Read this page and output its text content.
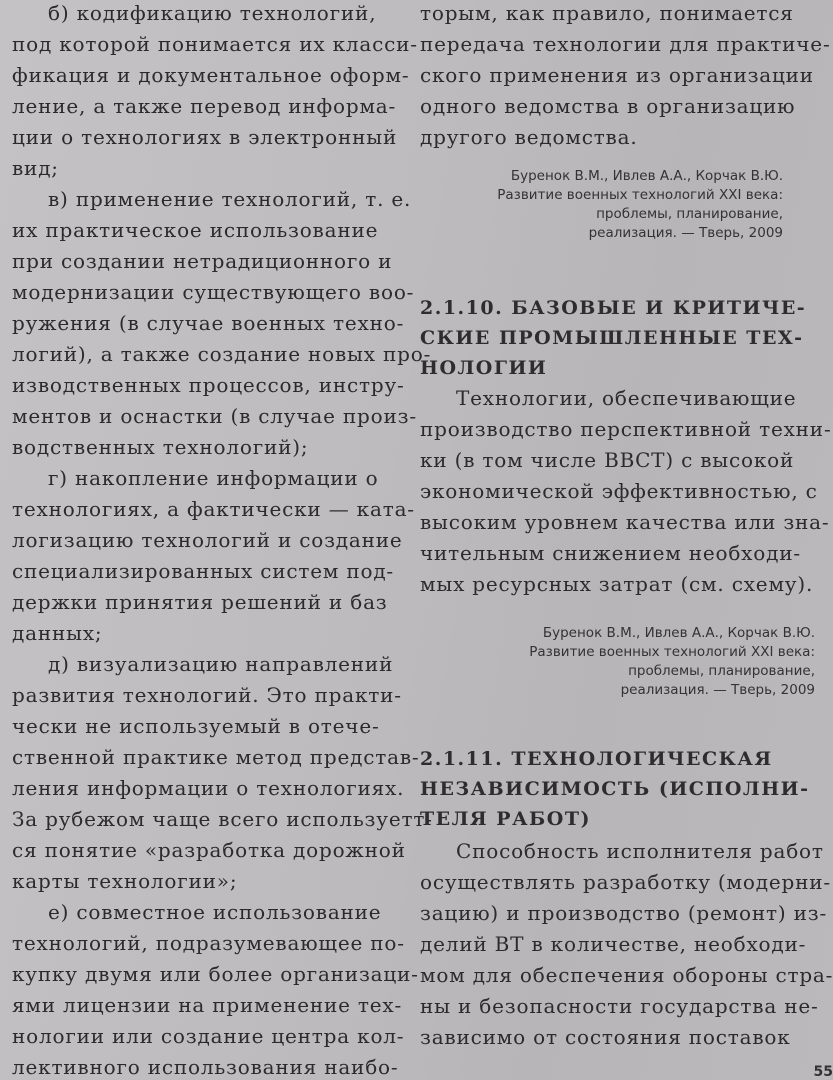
б) кодификацию технологий,
под которой понимается их класси-
фикация и документальное оформ-
ление, а также перевод информа-
ции о технологиях в электронный
вид;
в) применение технологий, т. е.
их практическое использование
при создании нетрадиционного и
модернизации существующего воо-
ружения (в случае военных техно-
логий), а также создание новых про-
изводственных процессов, инстру-
ментов и оснастки (в случае произ-
водственных технологий);
г) накопление информации о
технологиях, а фактически — ката-
логизацию технологий и создание
специализированных систем под-
держки принятия решений и баз
данных;
д) визуализацию направлений
развития технологий. Это практи-
чески не используемый в отече-
ственной практике метод представ-
ления информации о технологиях.
За рубежом чаще всего используетт-
ся понятие «разработка дорожной
карты технологии»;
е) совместное использование
технологий, подразумевающее по-
купку двумя или более организаци-
ями лицензии на применение тех-
нологии или создание центра кол-
лективного использования наибо-
торым, как правило, понимается
передача технологии для практиче-
ского применения из организации
одного ведомства в организацию
другого ведомства.
Буренок В.М., Ивлев А.А., Корчак В.Ю.
Развитие военных технологий XXI века:
проблемы, планирование,
реализация. — Тверь, 2009
2.1.10. БАЗОВЫЕ И КРИТИЧЕ-
СКИЕ ПРОМЫШЛЕННЫЕ ТЕХ-
НОЛОГИИ
Технологии, обеспечивающие
производство перспективной техни-
ки (в том числе ВВСТ) с высокой
экономической эффективностью, с
высоким уровнем качества или зна-
чительным снижением необходи-
мых ресурсных затрат (см. схему).
Буренок В.М., Ивлев А.А., Корчак В.Ю.
Развитие военных технологий XXI века:
проблемы, планирование,
реализация. — Тверь, 2009
2.1.11. ТЕХНОЛОГИЧЕСКАЯ
НЕЗАВИСИМОСТЬ (ИСПОЛНИ-
ТЕЛЯ РАБОТ)
Способность исполнителя работ
осуществлять разработку (модерни-
зацию) и производство (ремонт) из-
делий ВТ в количестве, необходи-
мом для обеспечения обороны стра-
ны и безопасности государства не-
зависимо от состояния поставок
55
